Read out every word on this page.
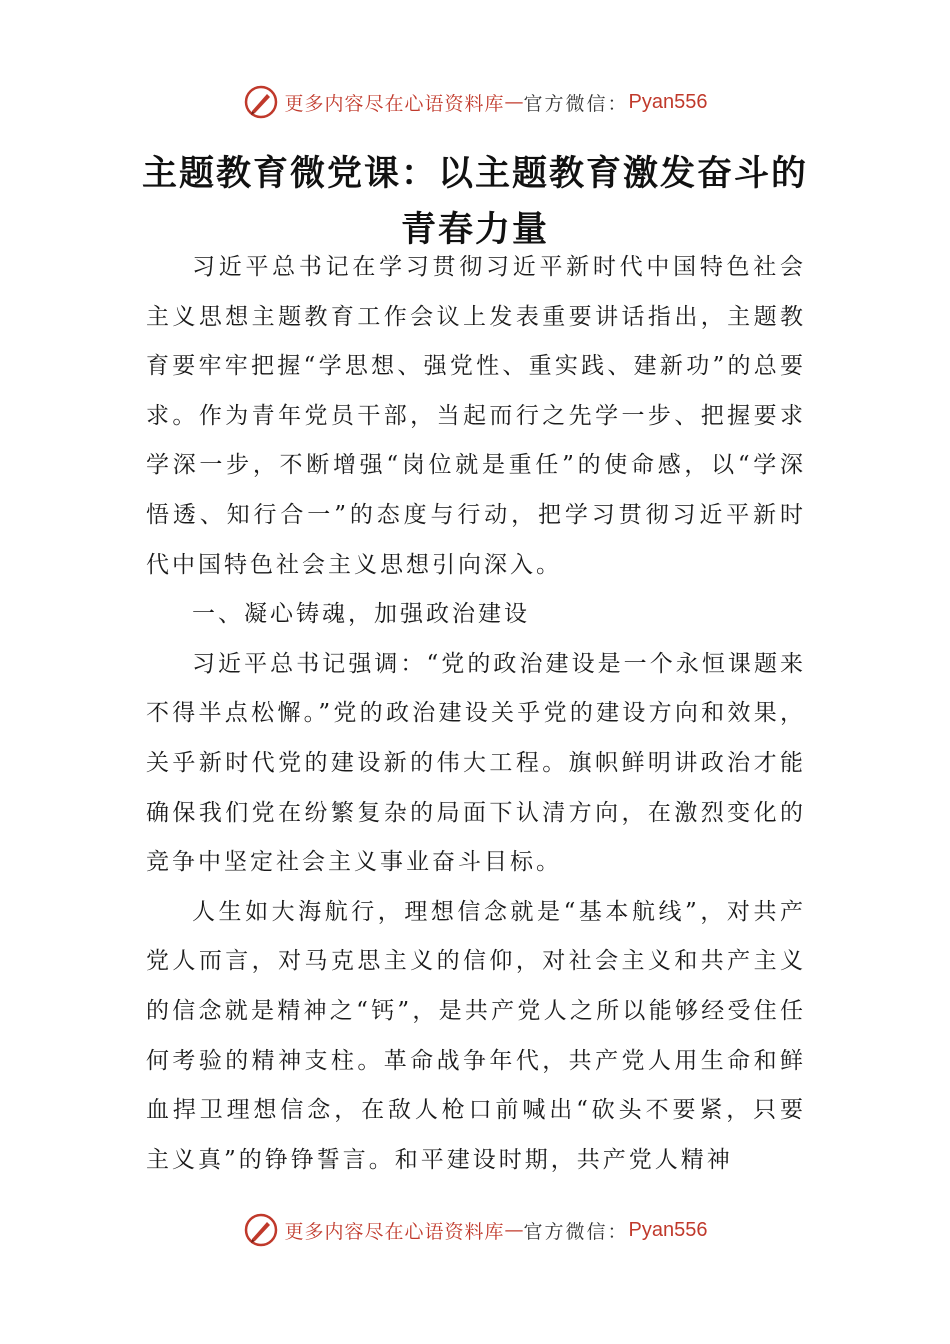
更多内容尽在心语资料库 — 官方微信： Pyan556
主题教育微党课：以主题教育激发奋斗的
青春力量

习近平总书记在学习贯彻习近平新时代中国特色社会主义思想主题教育工作会议上发表重要讲话指出，主题教育要牢牢把握“学思想、强党性、重实践、建新功”的总要求。作为青年党员干部，当起而行之先学一步、把握要求学深一步，不断增强“岗位就是重任”的使命感，以“学深悟透、知行合一”的态度与行动，把学习贯彻习近平新时代中国特色社会主义思想引向深入。

一、凝心铸魂，加强政治建设

习近平总书记强调：“党的政治建设是一个永恒课题来不得半点松懈。”党的政治建设关乎党的建设方向和效果，关乎新时代党的建设新的伟大工程。旗帜鲜明讲政治才能确保我们党在纷繁复杂的局面下认清方向，在激烈变化的竞争中坚定社会主义事业奋斗目标。

人生如大海航行，理想信念就是“基本航线”，对共产党人而言，对马克思主义的信仰，对社会主义和共产主义的信念就是精神之“钙”，是共产党人之所以能够经受住任何考验的精神支柱。革命战争年代，共产党人用生命和鲜血捍卫理想信念，在敌人枪口前喊出“砍头不要紧，只要主义真”的铮铮誓言。和平建设时期，共产党人精神

更多内容尽在心语资料库 — 官方微信： Pyan556
